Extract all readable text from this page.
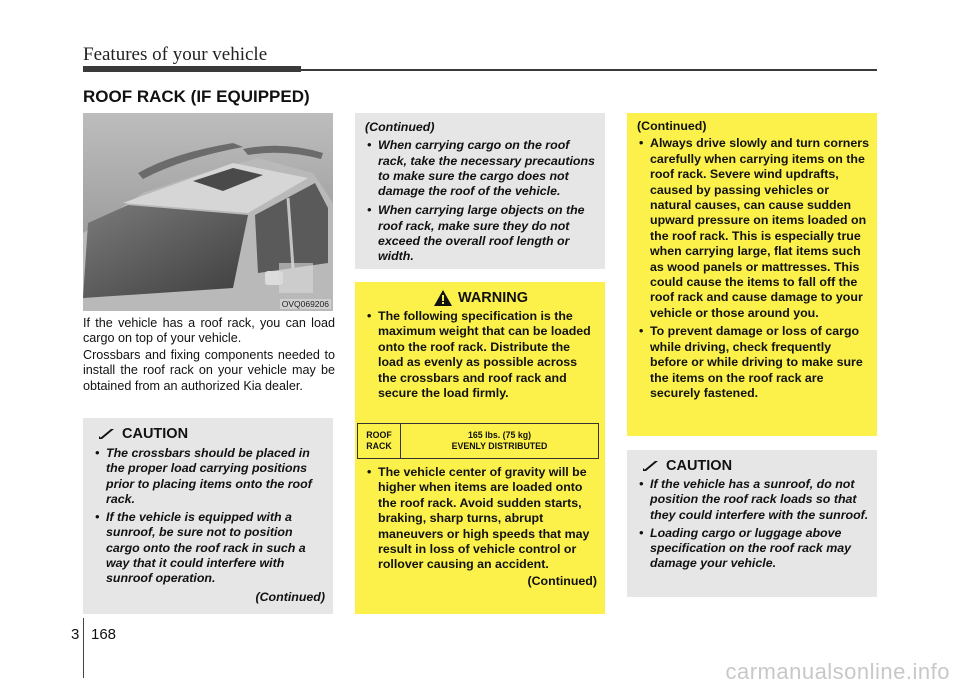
Features of your vehicle
ROOF RACK (IF EQUIPPED)
OVQ069206
If the vehicle has a roof rack, you can load cargo on top of your vehicle.
Crossbars and fixing components needed to install the roof rack on your vehicle may be obtained from an authorized Kia dealer.
CAUTION
• The crossbars should be placed in the proper load carrying positions prior to placing items onto the roof rack.
• If the vehicle is equipped with a sunroof, be sure not to position cargo onto the roof rack in such a way that it could interfere with sunroof operation.
(Continued)
(Continued)
• When carrying cargo on the roof rack, take the necessary precautions to make sure the cargo does not damage the roof of the vehicle.
• When carrying large objects on the roof rack, make sure they do not exceed the overall roof length or width.
WARNING
• The following specification is the maximum weight that can be loaded onto the roof rack. Distribute the load as evenly as possible across the crossbars and roof rack and secure the load firmly.
ROOF
RACK
165 lbs. (75 kg)
EVENLY DISTRIBUTED
• The vehicle center of gravity will be higher when items are loaded onto the roof rack. Avoid sudden starts, braking, sharp turns, abrupt maneuvers or high speeds that may result in loss of vehicle control or rollover causing an accident.
(Continued)
(Continued)
• Always drive slowly and turn corners carefully when carrying items on the roof rack. Severe wind updrafts, caused by passing vehicles or natural causes, can cause sudden upward pressure on items loaded on the roof rack. This is especially true when carrying large, flat items such as wood panels or mattresses. This could cause the items to fall off the roof rack and cause damage to your vehicle or those around you.
• To prevent damage or loss of cargo while driving, check frequently before or while driving to make sure the items on the roof rack are securely fastened.
CAUTION
• If the vehicle has a sunroof, do not position the roof rack loads so that they could interfere with the sunroof.
• Loading cargo or luggage above specification on the roof rack may damage your vehicle.
3 168
carmanualsonline.info
